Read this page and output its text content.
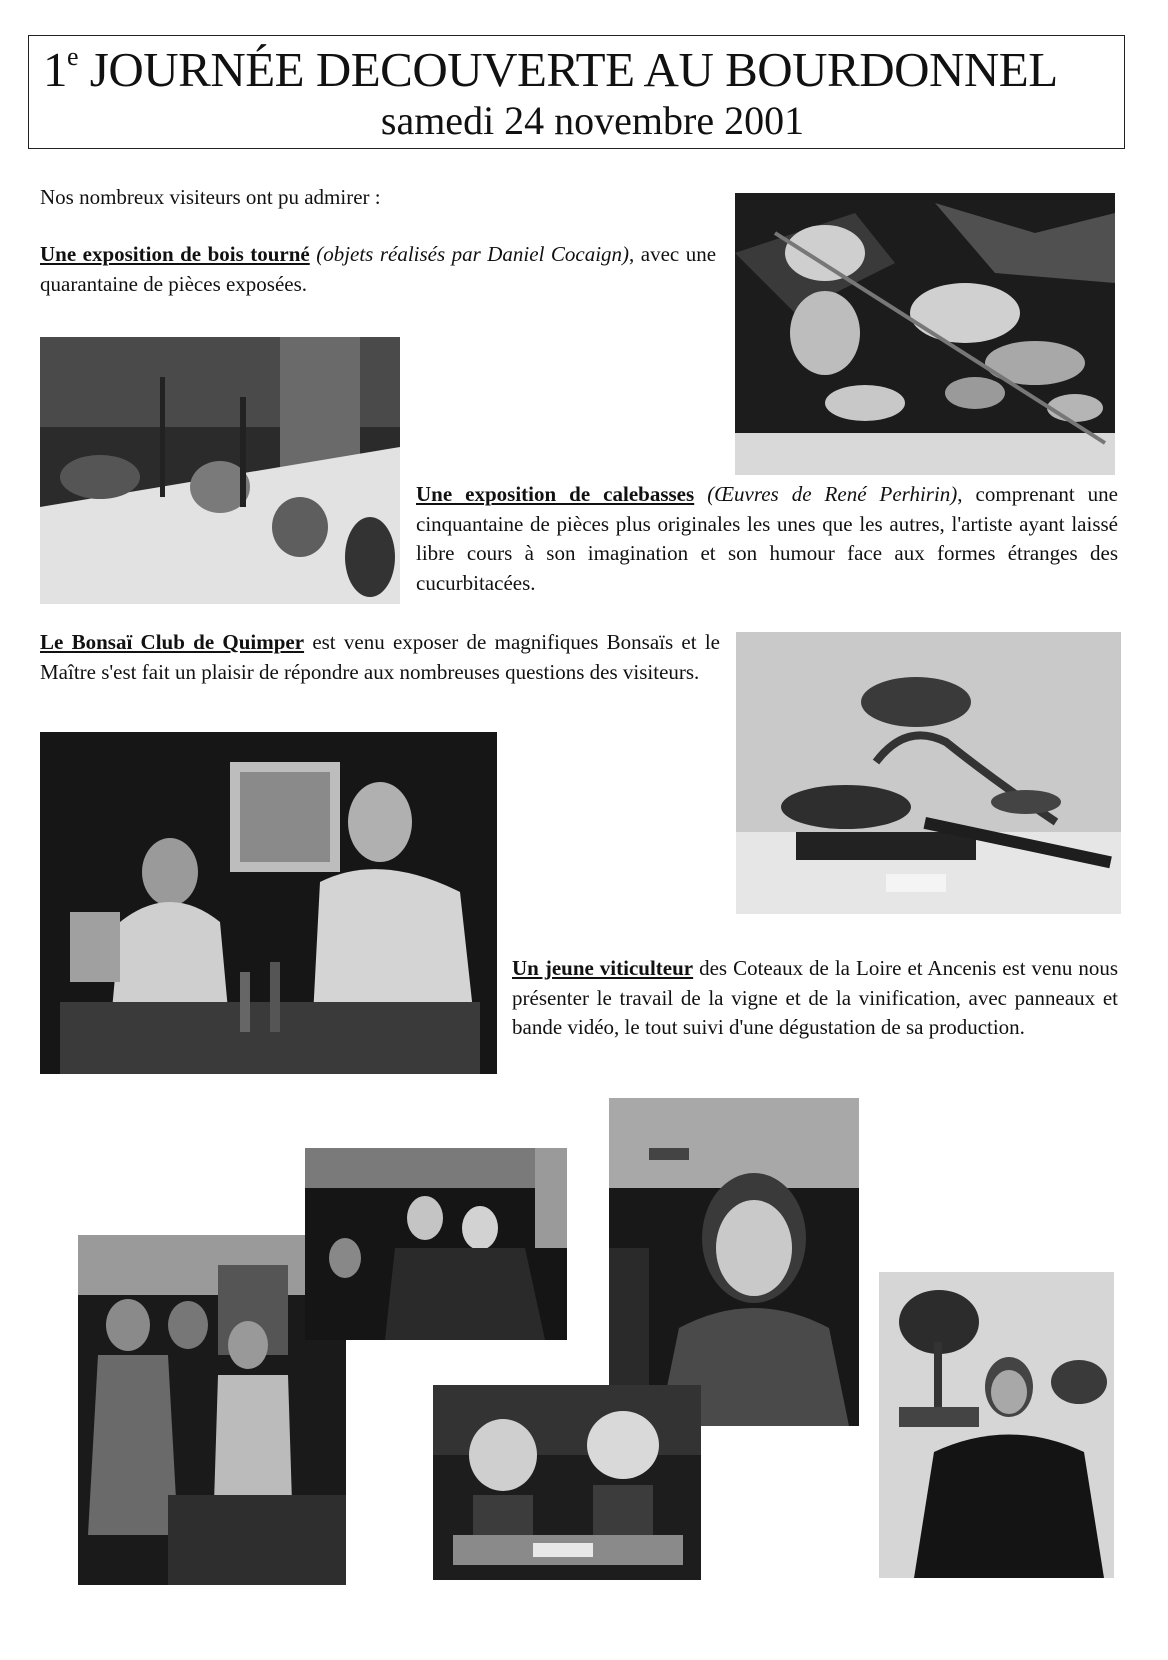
1e JOURNÉE DECOUVERTE AU BOURDONNEL
samedi 24 novembre 2001
Nos nombreux visiteurs ont pu admirer :
Une exposition de bois tourné (objets réalisés par Daniel Cocaign), avec une quarantaine de pièces exposées.
Une exposition de calebasses (Œuvres de René Perhirin), comprenant une cinquantaine de pièces plus originales les unes que les autres, l'artiste ayant laissé libre cours à son imagination et son humour face aux formes étranges des cucurbitacées.
Le Bonsaï Club de Quimper est venu exposer de magnifiques Bonsaïs et le Maître s'est fait un plaisir de répondre aux nombreuses questions des visiteurs.
Un jeune viticulteur des Coteaux de la Loire et Ancenis est venu nous présenter le travail de la vigne et de la vinification, avec panneaux et bande vidéo, le tout suivi d'une dégustation de sa production.
